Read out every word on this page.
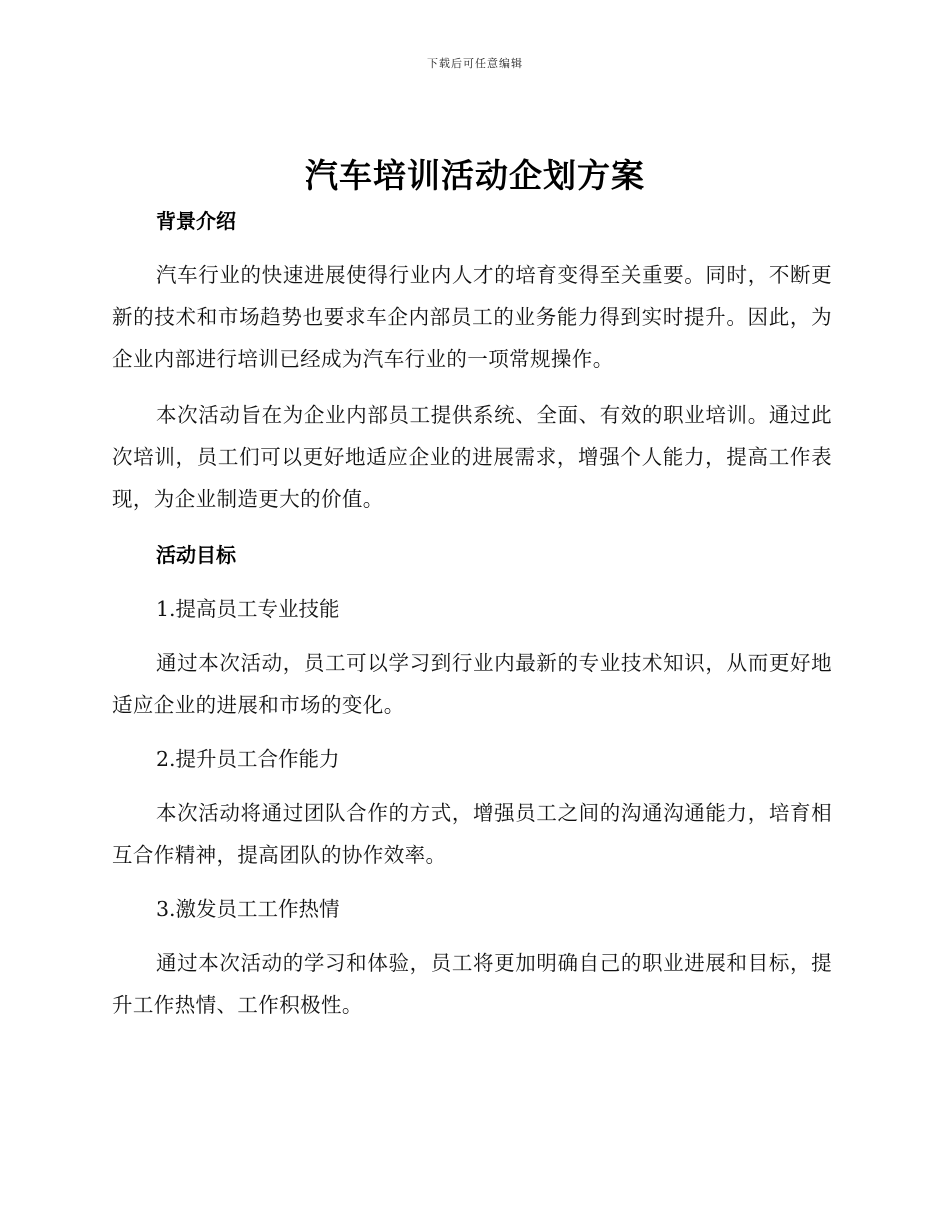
下载后可任意编辑
汽车培训活动企划方案
背景介绍

汽车行业的快速进展使得行业内人才的培育变得至关重要。同时，不断更新的技术和市场趋势也要求车企内部员工的业务能力得到实时提升。因此，为企业内部进行培训已经成为汽车行业的一项常规操作。

本次活动旨在为企业内部员工提供系统、全面、有效的职业培训。通过此次培训，员工们可以更好地适应企业的进展需求，增强个人能力，提高工作表现，为企业制造更大的价值。

活动目标

1.提高员工专业技能

通过本次活动，员工可以学习到行业内最新的专业技术知识，从而更好地适应企业的进展和市场的变化。

2.提升员工合作能力

本次活动将通过团队合作的方式，增强员工之间的沟通沟通能力，培育相互合作精神，提高团队的协作效率。

3.激发员工工作热情

通过本次活动的学习和体验，员工将更加明确自己的职业进展和目标，提升工作热情、工作积极性。
